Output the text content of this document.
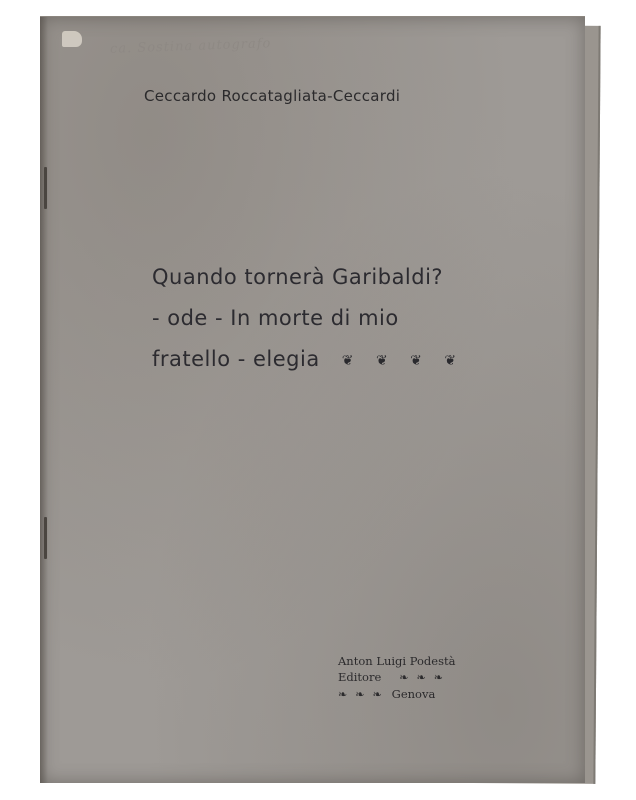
ca. Sostina autografo
Ceccardo Roccatagliata-Ceccardi
Quando tornerà Garibaldi?
- ode - In morte di mio
fratello - elegia ❦ ❦ ❦ ❦
Anton Luigi Podestà
Editore ❧ ❧ ❧
❧ ❧ ❧ Genova
